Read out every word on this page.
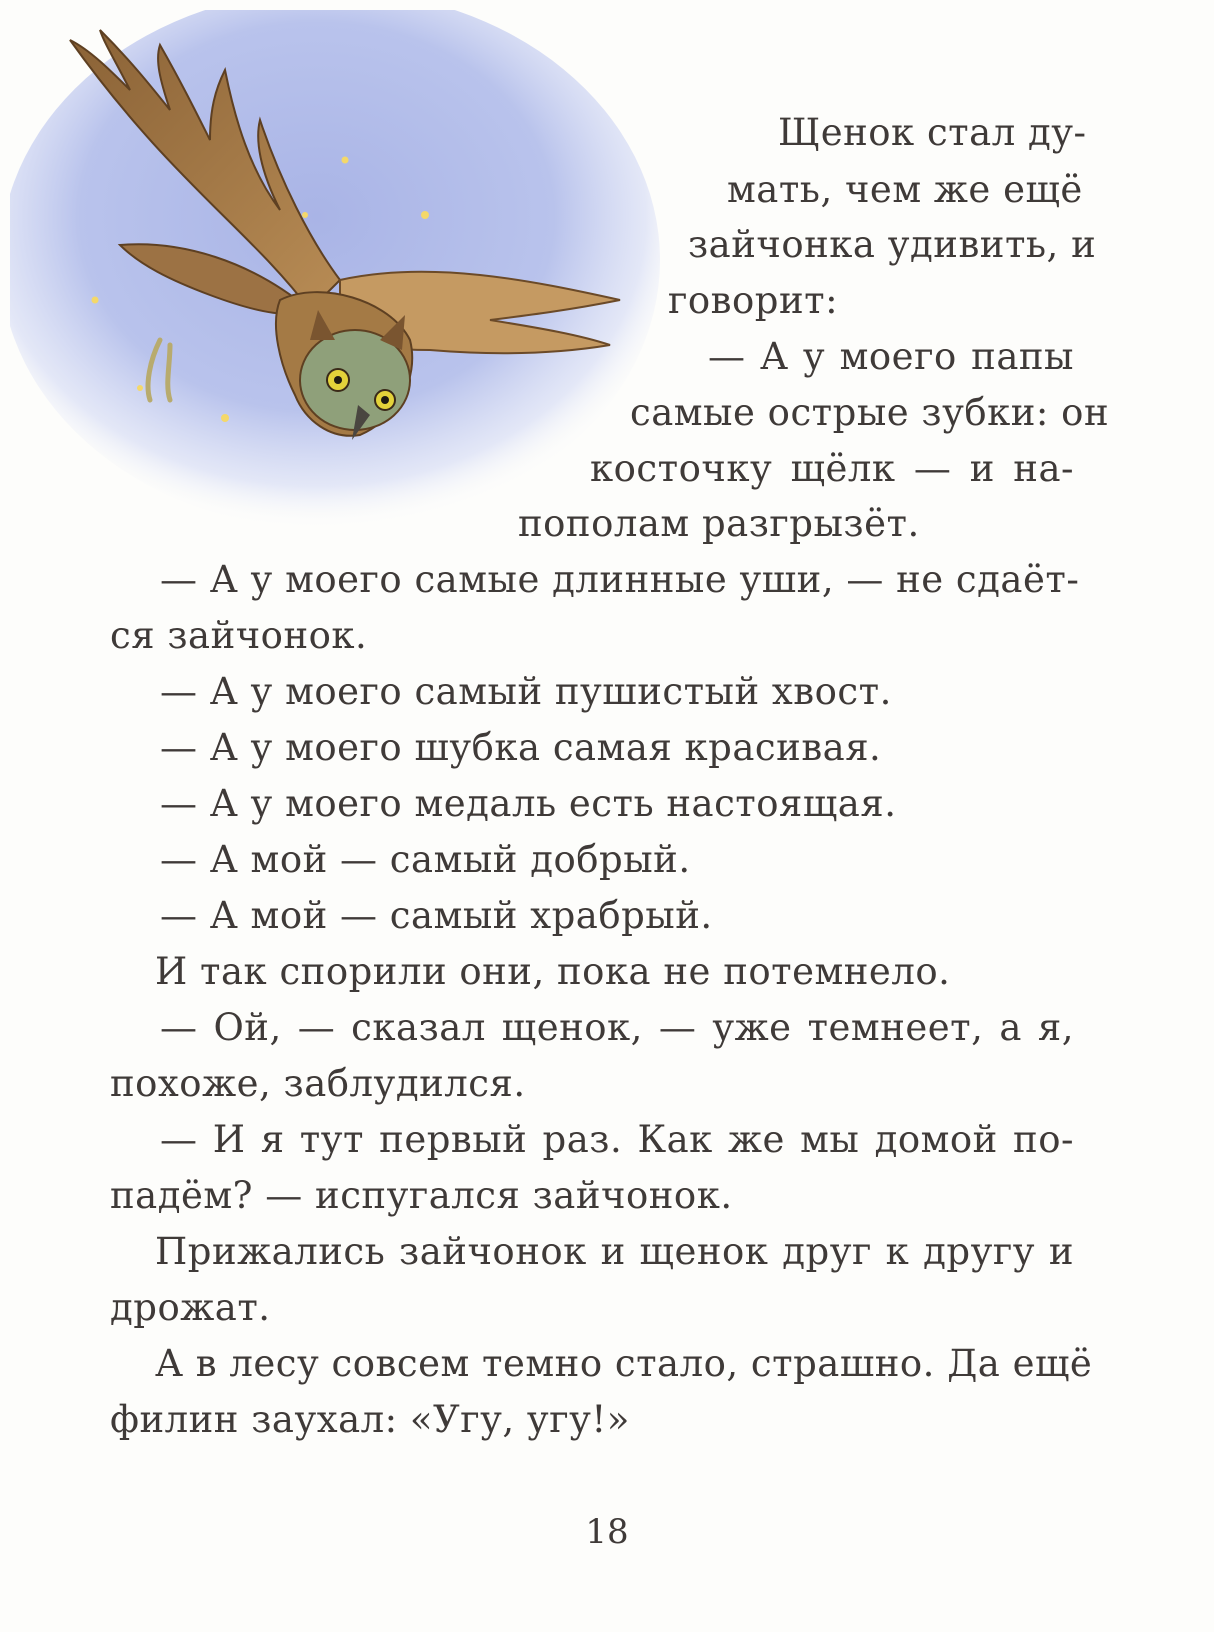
Щенок стал ду-
мать, чем же ещё
зайчонка удивить, и
говорит:
— А у моего папы
самые острые зубки: он
косточку щёлк — и на-
пополам разгрызёт.
— А у моего самые длинные уши, — не сдаёт-
ся зайчонок.
— А у моего самый пушистый хвост.
— А у моего шубка самая красивая.
— А у моего медаль есть настоящая.
— А мой — самый добрый.
— А мой — самый храбрый.
И так спорили они, пока не потемнело.
— Ой, — сказал щенок, — уже темнеет, а я,
похоже, заблудился.
— И я тут первый раз. Как же мы домой по-
падём? — испугался зайчонок.
Прижались зайчонок и щенок друг к другу и
дрожат.
А в лесу совсем темно стало, страшно. Да ещё
филин заухал: «Угу, угу!»
18
